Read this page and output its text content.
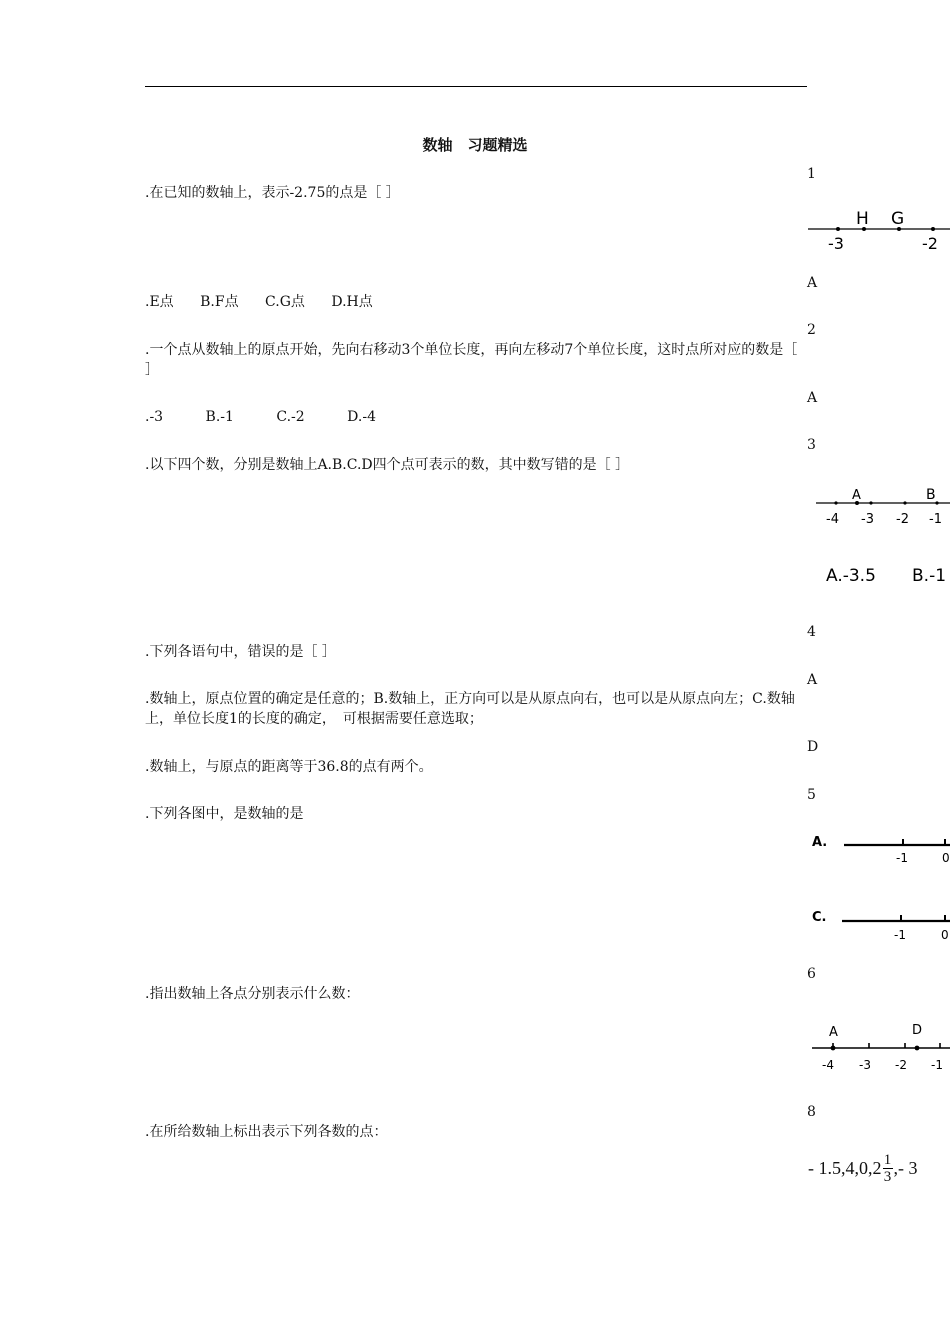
数轴　习题精选
1
.在已知的数轴上，表示-2.75的点是［ ］
H G
-3	-2
A
.E点 B.F点 C.G点 D.H点
2
.一个点从数轴上的原点开始，先向右移动3个单位长度，再向左移动7个单位长度，这时点所对应的数是［ ］
A
.-3	B.-1	C.-2	D.-4
3
.以下四个数，分别是数轴上A.B.C.D四个点可表示的数，其中数写错的是［ ］
A	B
-4 -3 -2 -1
A.-3.5 B.-1
4
.下列各语句中，错误的是［ ］
A
.数轴上，原点位置的确定是任意的；B.数轴上，正方向可以是从原点向右，也可以是从原点向左；C.数轴上，单位长度1的长度的确定，　可根据需要任意选取；
D
.数轴上，与原点的距离等于36.8的点有两个。
5
.下列各图中，是数轴的是
A.
-1	0
C.
-1	0
6
.指出数轴上各点分别表示什么数：
A	D
-4 -3 -2 -1
8
.在所给数轴上标出表示下列各数的点：
- $1.5,4,0,2 \frac{1}{3}$ ,- 3
